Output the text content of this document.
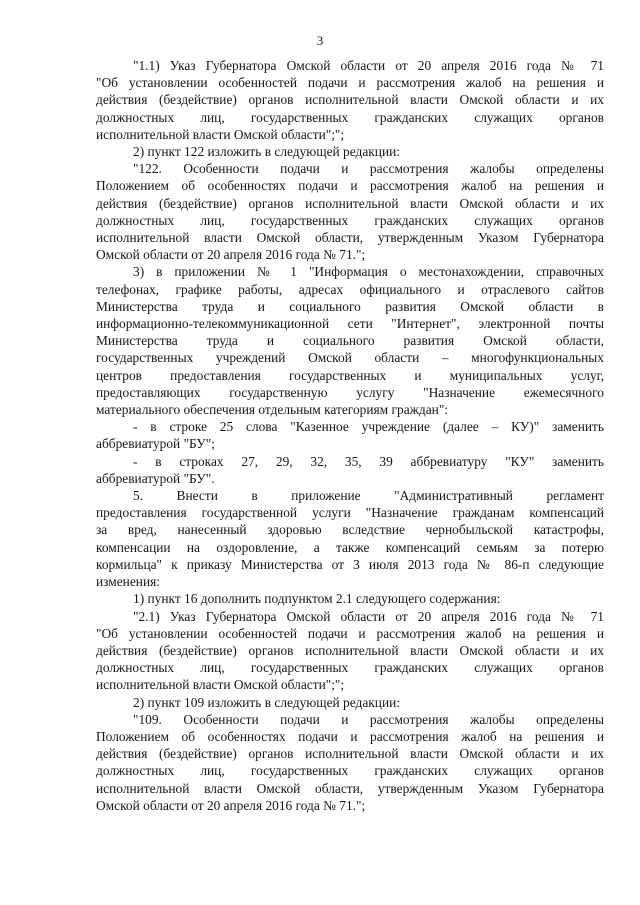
3
"1.1) Указ Губернатора Омской области от 20 апреля 2016 года № 71
"Об установлении особенностей подачи и рассмотрения жалоб на решения и
действия (бездействие) органов исполнительной власти Омской области и их
должностных лиц, государственных гражданских служащих органов
исполнительной власти Омской области";";
2) пункт 122 изложить в следующей редакции:
"122. Особенности подачи и рассмотрения жалобы определены
Положением об особенностях подачи и рассмотрения жалоб на решения и
действия (бездействие) органов исполнительной власти Омской области и их
должностных лиц, государственных гражданских служащих органов
исполнительной власти Омской области, утвержденным Указом Губернатора
Омской области от 20 апреля 2016 года № 71.";
3) в приложении № 1 "Информация о местонахождении, справочных
телефонах, графике работы, адресах официального и отраслевого сайтов
Министерства труда и социального развития Омской области в
информационно-телекоммуникационной сети "Интернет", электронной почты
Министерства труда и социального развития Омской области,
государственных учреждений Омской области – многофункциональных
центров предоставления государственных и муниципальных услуг,
предоставляющих государственную услугу "Назначение ежемесячного
материального обеспечения отдельным категориям граждан":
- в строке 25 слова "Казенное учреждение (далее – КУ)" заменить
аббревиатурой "БУ";
- в строках 27, 29, 32, 35, 39 аббревиатуру "КУ" заменить
аббревиатурой "БУ".
5. Внести в приложение "Административный регламент
предоставления государственной услуги "Назначение гражданам компенсаций
за вред, нанесенный здоровью вследствие чернобыльской катастрофы,
компенсации на оздоровление, а также компенсаций семьям за потерю
кормильца" к приказу Министерства от 3 июля 2013 года № 86-п следующие
изменения:
1) пункт 16 дополнить подпунктом 2.1 следующего содержания:
"2.1) Указ Губернатора Омской области от 20 апреля 2016 года № 71
"Об установлении особенностей подачи и рассмотрения жалоб на решения и
действия (бездействие) органов исполнительной власти Омской области и их
должностных лиц, государственных гражданских служащих органов
исполнительной власти Омской области";";
2) пункт 109 изложить в следующей редакции:
"109. Особенности подачи и рассмотрения жалобы определены
Положением об особенностях подачи и рассмотрения жалоб на решения и
действия (бездействие) органов исполнительной власти Омской области и их
должностных лиц, государственных гражданских служащих органов
исполнительной власти Омской области, утвержденным Указом Губернатора
Омской области от 20 апреля 2016 года № 71.";
